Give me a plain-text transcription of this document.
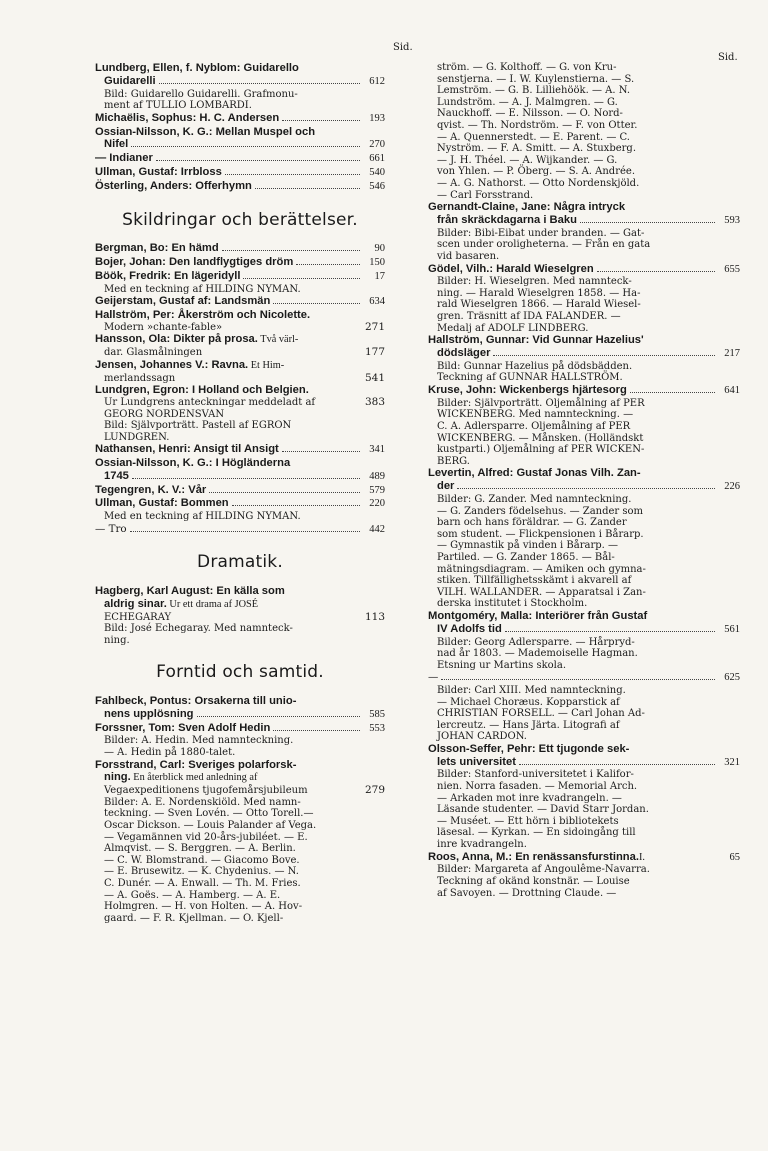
Sid.
Sid.
Lundberg, Ellen, f. Nyblom: Guidarello
Guidarelli	612
Bild: Guidarello Guidarelli. Grafmonu-
ment af TULLIO LOMBARDI.
Michaëlis, Sophus: H. C. Andersen	193
Ossian-Nilsson, K. G.: Mellan Muspel och
Nifel	270
— Indianer	661
Ullman, Gustaf: Irrbloss	540
Österling, Anders: Offerhymn	546
Skildringar och berättelser.
Bergman, Bo: En hämd	90
Bojer, Johan: Den landflygtiges dröm	150
Böök, Fredrik: En lägeridyll	17
Med en teckning af HILDING NYMAN.
Geijerstam, Gustaf af: Landsmän	634
Hallström, Per: Åkerström och Nicolette.
Modern »chante-fable»	271
Hansson, Ola: Dikter på prosa. Två värl-
dar. Glasmålningen	177
Jensen, Johannes V.: Ravna. Et Him-
merlandssagn	541
Lundgren, Egron: I Holland och Belgien.
Ur Lundgrens anteckningar meddeladt af	383
GEORG NORDENSVAN
Bild: Självporträtt. Pastell af EGRON
LUNDGREN.
Nathansen, Henri: Ansigt til Ansigt	341
Ossian-Nilsson, K. G.: I Högländerna
1745	489
Tegengren, K. V.: Vår	579
Ullman, Gustaf: Bommen	220
Med en teckning af HILDING NYMAN.
— Tro	442
Dramatik.
Hagberg, Karl August: En källa som
aldrig sinar. Ur ett drama af JOSÉ
ECHEGARAY	113
Bild: José Echegaray. Med namnteck-
ning.
Forntid och samtid.
Fahlbeck, Pontus: Orsakerna till unio-
nens upplösning	585
Forssner, Tom: Sven Adolf Hedin	553
Bilder: A. Hedin. Med namnteckning.
— A. Hedin på 1880-talet.
Forsstrand, Carl: Sveriges polarforsk-
ning. En återblick med anledning af
Vegaexpeditionens tjugofemårsjubileum	279
Bilder: A. E. Nordenskiöld. Med namn-
teckning. — Sven Lovén. — Otto Torell.—
Oscar Dickson. — Louis Palander af Vega.
— Vegamännen vid 20-års-jubiléet. — E.
Almqvist. — S. Berggren. — A. Berlin.
— C. W. Blomstrand. — Giacomo Bove.
— E. Brusewitz. — K. Chydenius. — N.
C. Dunér. — A. Enwall. — Th. M. Fries.
— A. Goës. — A. Hamberg. — A. E.
Holmgren. — H. von Holten. — A. Hov-
gaard. — F. R. Kjellman. — O. Kjell-
ström. — G. Kolthoff. — G. von Kru-
senstjerna. — I. W. Kuylenstierna. — S.
Lemström. — G. B. Lilliehöök. — A. N.
Lundström. — A. J. Malmgren. — G.
Nauckhoff. — E. Nilsson. — O. Nord-
qvist. — Th. Nordström. — F. von Otter.
— A. Quennerstedt. — E. Parent. — C.
Nyström. — F. A. Smitt. — A. Stuxberg.
— J. H. Théel. — A. Wijkander. — G.
von Yhlen. — P. Öberg. — S. A. Andrée.
— A. G. Nathorst. — Otto Nordenskjöld.
— Carl Forsstrand.
Gernandt-Claine, Jane: Några intryck
från skräckdagarna i Baku	593
Bilder: Bibi-Eibat under branden. — Gat-
scen under oroligheterna. — Från en gata
vid basaren.
Gödel, Vilh.: Harald Wieselgren	655
Bilder: H. Wieselgren. Med namnteck-
ning. — Harald Wieselgren 1858. — Ha-
rald Wieselgren 1866. — Harald Wiesel-
gren. Träsnitt af IDA FALANDER. —
Medalj af ADOLF LINDBERG.
Hallström, Gunnar: Vid Gunnar Hazelius'
dödsläger	217
Bild: Gunnar Hazelius på dödsbädden.
Teckning af GUNNAR HALLSTRÖM.
Kruse, John: Wickenbergs hjärtesorg	641
Bilder: Självporträtt. Oljemålning af PER
WICKENBERG. Med namnteckning. —
C. A. Adlersparre. Oljemålning af PER
WICKENBERG. — Månsken. (Holländskt
kustparti.) Oljemålning af PER WICKEN-
BERG.
Levertin, Alfred: Gustaf Jonas Vilh. Zan-
der	226
Bilder: G. Zander. Med namnteckning.
— G. Zanders födelsehus. — Zander som
barn och hans föräldrar. — G. Zander
som student. — Flickpensionen i Bårarp.
— Gymnastik på vinden i Bårarp. —
Partiled. — G. Zander 1865. — Bål-
mätningsdiagram. — Amiken och gymna-
stiken. Tillfällighetsskämt i akvarell af
VILH. WALLANDER. — Apparatsal i Zan-
derska institutet i Stockholm.
Montgoméry, Malla: Interiörer från Gustaf
IV Adolfs tid	561
Bilder: Georg Adlersparre. — Hårpryd-
nad år 1803. — Mademoiselle Hagman.
Etsning ur Martins skola.
—	625
Bilder: Carl XIII. Med namnteckning.
— Michael Choræus. Kopparstick af
CHRISTIAN FORSELL. — Carl Johan Ad-
lercreutz. — Hans Järta. Litografi af
JOHAN CARDON.
Olsson-Seffer, Pehr: Ett tjugonde sek-
lets universitet	321
Bilder: Stanford-universitetet i Kalifor-
nien. Norra fasaden. — Memorial Arch.
— Arkaden mot inre kvadrangeln. —
Läsande studenter. — David Starr Jordan.
— Muséet. — Ett hörn i bibliotekets
läsesal. — Kyrkan. — En sidoingång till
inre kvadrangeln.
Roos, Anna, M.: En renässansfurstinna. I.	65
Bilder: Margareta af Angoulême-Navarra.
Teckning af okänd konstnär. — Louise
af Savoyen. — Drottning Claude. —
